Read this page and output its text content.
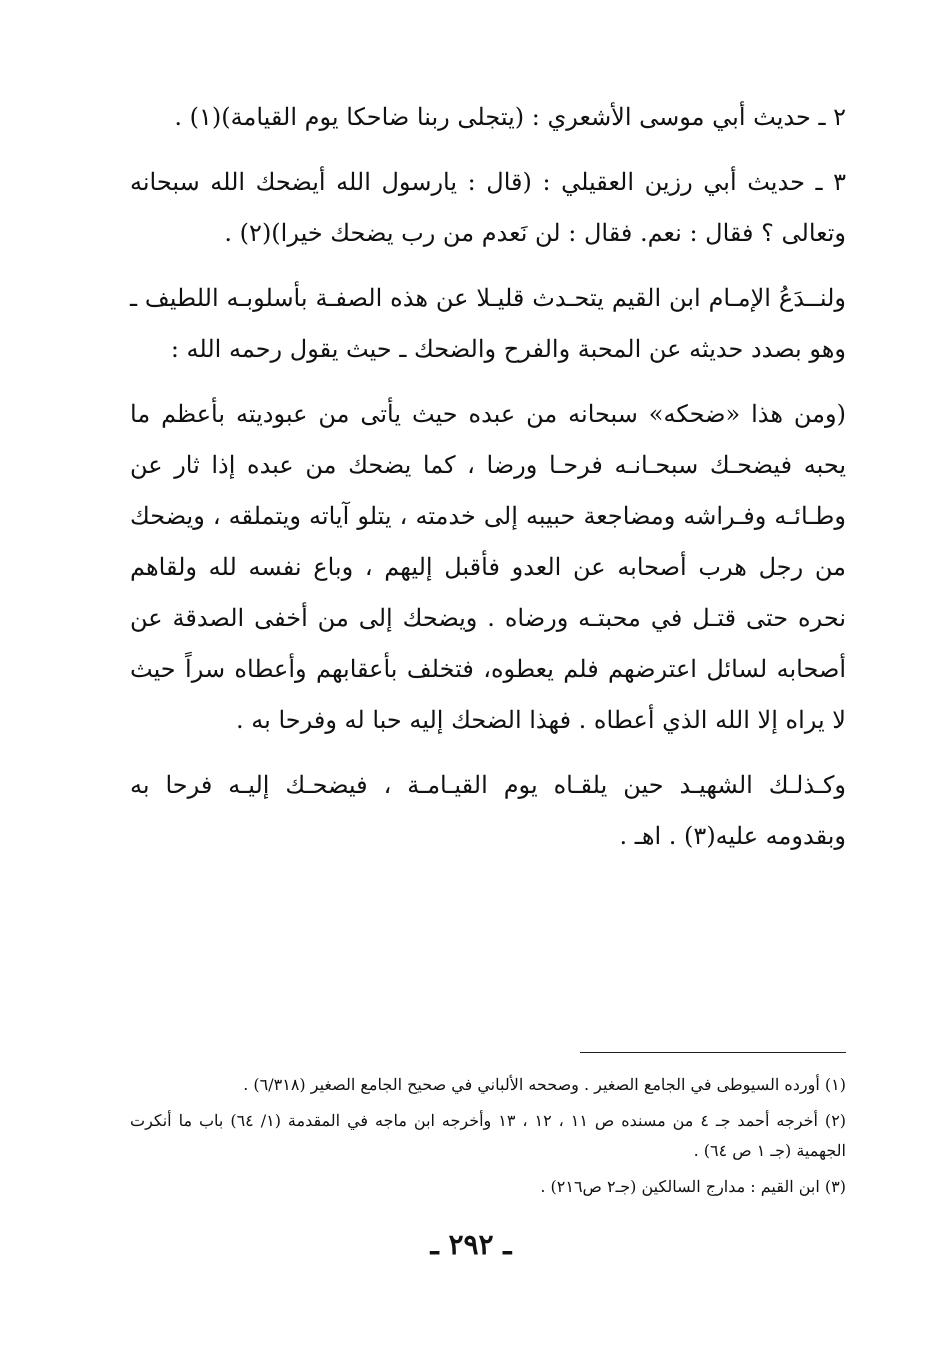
٢ ـ حديث أبي موسى الأشعري : (يتجلى ربنا ضاحكا يوم القيامة)(١) .

٣ ـ حديث أبي رزين العقيلي : (قال : يارسول الله أيضحك الله سبحانه وتعالى ؟ فقال : نعم. فقال : لن نَعدم من رب يضحك خيرا)(٢) .

ولنــدَعُ الإمـام ابن القيم يتحـدث قليـلا عن هذه الصفـة بأسلوبـه اللطيف ـ وهو بصدد حديثه عن المحبة والفرح والضحك ـ حيث يقول رحمه الله :

(ومن هذا «ضحكه» سبحانه من عبده حيث يأتى من عبوديته بأعظم ما يحبه فيضحـك سبحـانـه فرحـا ورضا ، كما يضحك من عبده إذا ثار عن وطـائـه وفـراشه ومضاجعة حبيبه إلى خدمته ، يتلو آياته ويتملقه ، ويضحك من رجل هرب أصحابه عن العدو فأقبل إليهم ، وباع نفسه لله ولقاهم نحره حتى قتـل في محبتـه ورضاه . ويضحك إلى من أخفى الصدقة عن أصحابه لسائل اعترضهم فلم يعطوه، فتخلف بأعقابهم وأعطاه سراً حيث لا يراه إلا الله الذي أعطاه . فهذا الضحك إليه حبا له وفرحا به .

وكـذلـك الشهيـد حين يلقـاه يوم القيـامـة ، فيضحـك إليـه فرحا به وبقدومه عليه(٣) . اهـ .

(١) أورده السيوطى في الجامع الصغير . وصححه الألباني في صحيح الجامع الصغير (٦/٣١٨) .

(٢) أخرجه أحمد جـ ٤ من مسنده ص ١١ ، ١٢ ، ١٣ وأخرجه ابن ماجه في المقدمة (١/ ٦٤) باب ما أنكرت الجهمية (جـ ١ ص ٦٤) .

(٣) ابن القيم : مدارج السالكين (جـ٢ ص٢١٦) .

ـ ٢٩٢ ـ
